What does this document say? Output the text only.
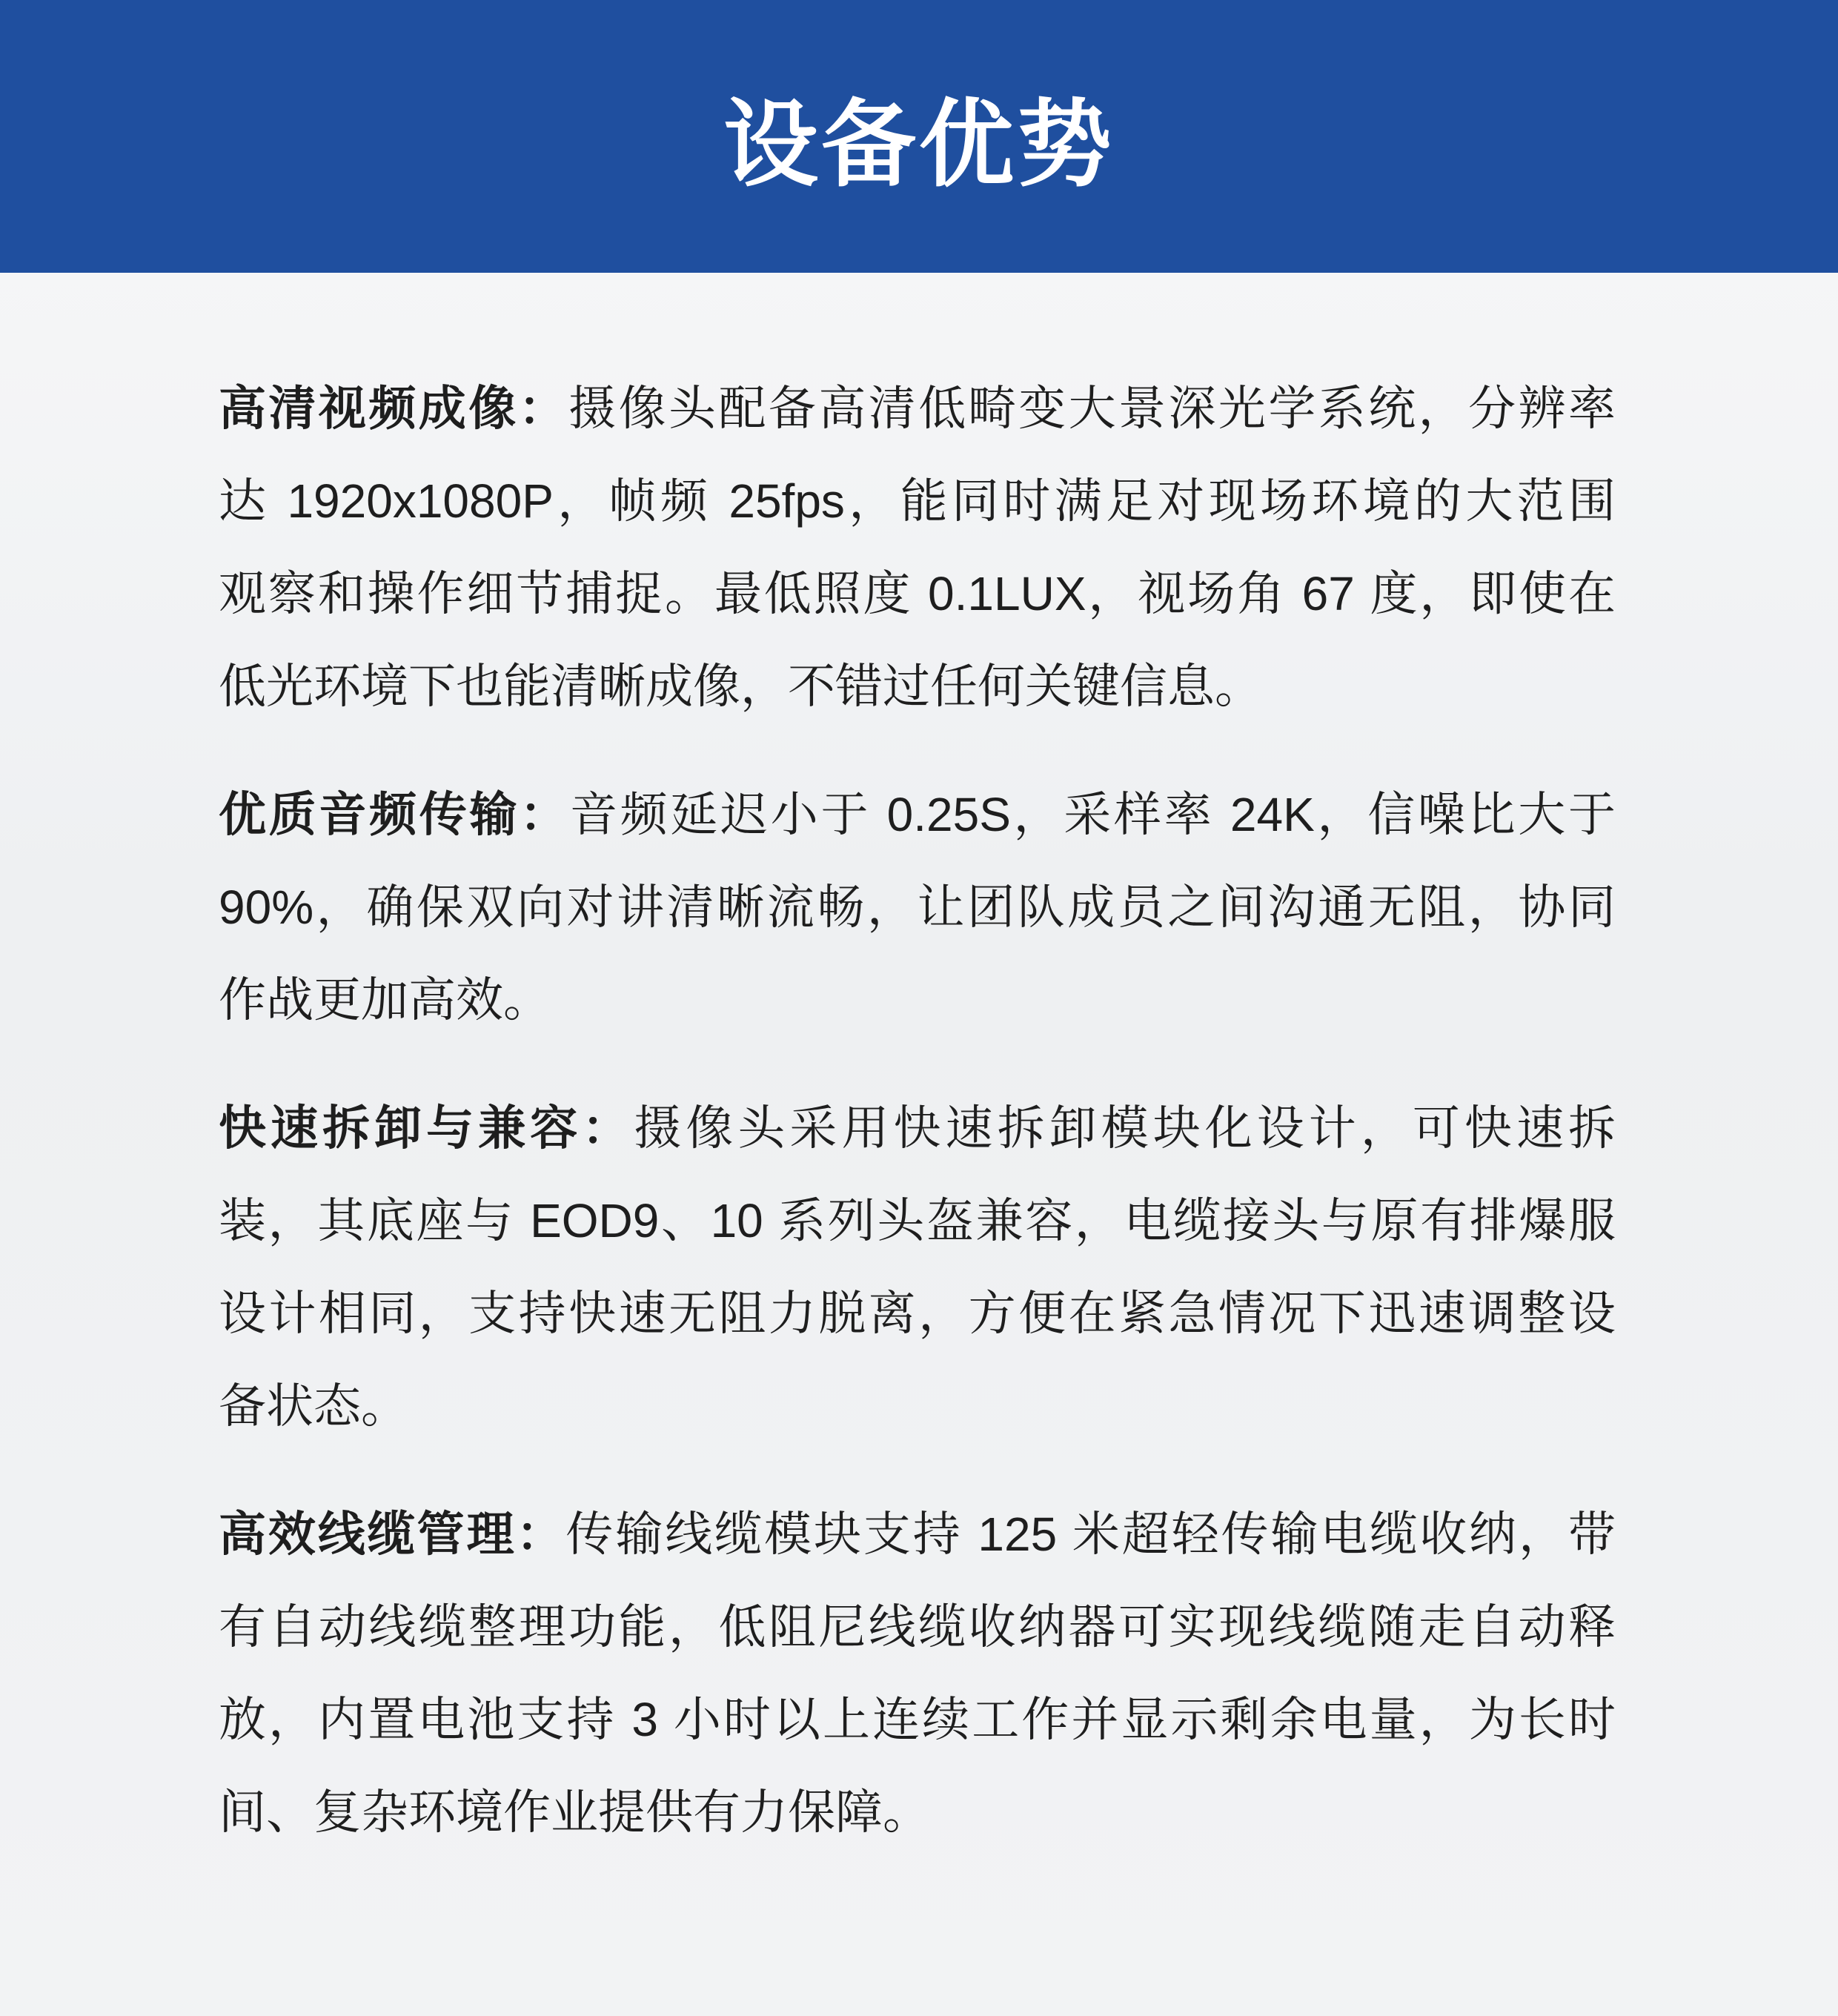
设备优势
高清视频成像：摄像头配备高清低畸变大景深光学系统，分辨率
达 1920x1080P，帧频 25fps，能同时满足对现场环境的大范围
观察和操作细节捕捉。最低照度 0.1LUX，视场角 67 度，即使在
低光环境下也能清晰成像，不错过任何关键信息。
优质音频传输：音频延迟小于 0.25S，采样率 24K，信噪比大于
90%，确保双向对讲清晰流畅，让团队成员之间沟通无阻，协同
作战更加高效。
快速拆卸与兼容：摄像头采用快速拆卸模块化设计，可快速拆
装，其底座与 EOD9、10 系列头盔兼容，电缆接头与原有排爆服
设计相同，支持快速无阻力脱离，方便在紧急情况下迅速调整设
备状态。
高效线缆管理：传输线缆模块支持 125 米超轻传输电缆收纳，带
有自动线缆整理功能，低阻尼线缆收纳器可实现线缆随走自动释
放，内置电池支持 3 小时以上连续工作并显示剩余电量，为长时
间、复杂环境作业提供有力保障。
